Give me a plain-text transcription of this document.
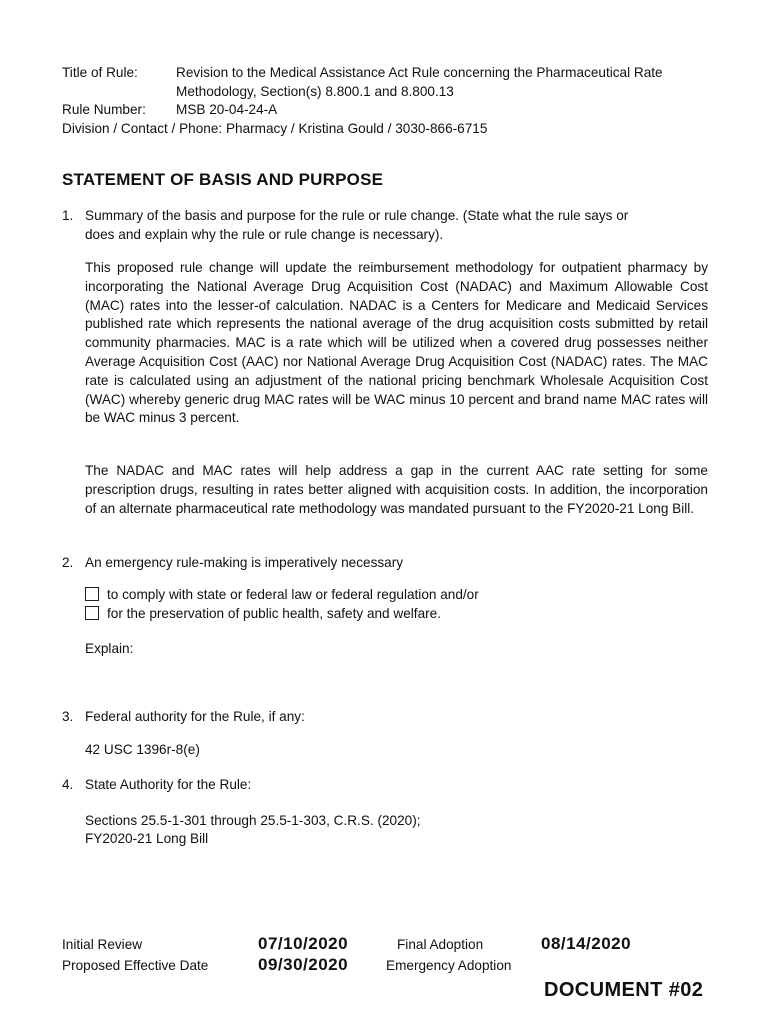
Title of Rule:	Revision to the Medical Assistance Act Rule concerning the Pharmaceutical Rate
Methodology, Section(s) 8.800.1 and 8.800.13
Rule Number: MSB 20-04-24-A
Division / Contact / Phone: Pharmacy / Kristina Gould / 3030-866-6715
STATEMENT OF BASIS AND PURPOSE
1. Summary of the basis and purpose for the rule or rule change. (State what the rule says or
does and explain why the rule or rule change is necessary).

This proposed rule change will update the reimbursement methodology for outpatient pharmacy by incorporating the National Average Drug Acquisition Cost (NADAC) and Maximum Allowable Cost (MAC) rates into the lesser-of calculation. NADAC is a Centers for Medicare and Medicaid Services published rate which represents the national average of the drug acquisition costs submitted by retail community pharmacies. MAC is a rate which will be utilized when a covered drug possesses neither Average Acquisition Cost (AAC) nor National Average Drug Acquisition Cost (NADAC) rates. The MAC rate is calculated using an adjustment of the national pricing benchmark Wholesale Acquisition Cost (WAC) whereby generic drug MAC rates will be WAC minus 10 percent and brand name MAC rates will be WAC minus 3 percent.

The NADAC and MAC rates will help address a gap in the current AAC rate setting for some prescription drugs, resulting in rates better aligned with acquisition costs. In addition, the incorporation of an alternate pharmaceutical rate methodology was mandated pursuant to the FY2020-21 Long Bill.

2. An emergency rule-making is imperatively necessary
to comply with state or federal law or federal regulation and/or
for the preservation of public health, safety and welfare.
Explain:
3. Federal authority for the Rule, if any:
42 USC 1396r-8(e)
4. State Authority for the Rule:
Sections 25.5-1-301 through 25.5-1-303, C.R.S. (2020);
FY2020-21 Long Bill
Initial Review	07/10/2020	Final Adoption	08/14/2020
Proposed Effective Date	09/30/2020	Emergency Adoption
DOCUMENT #02
